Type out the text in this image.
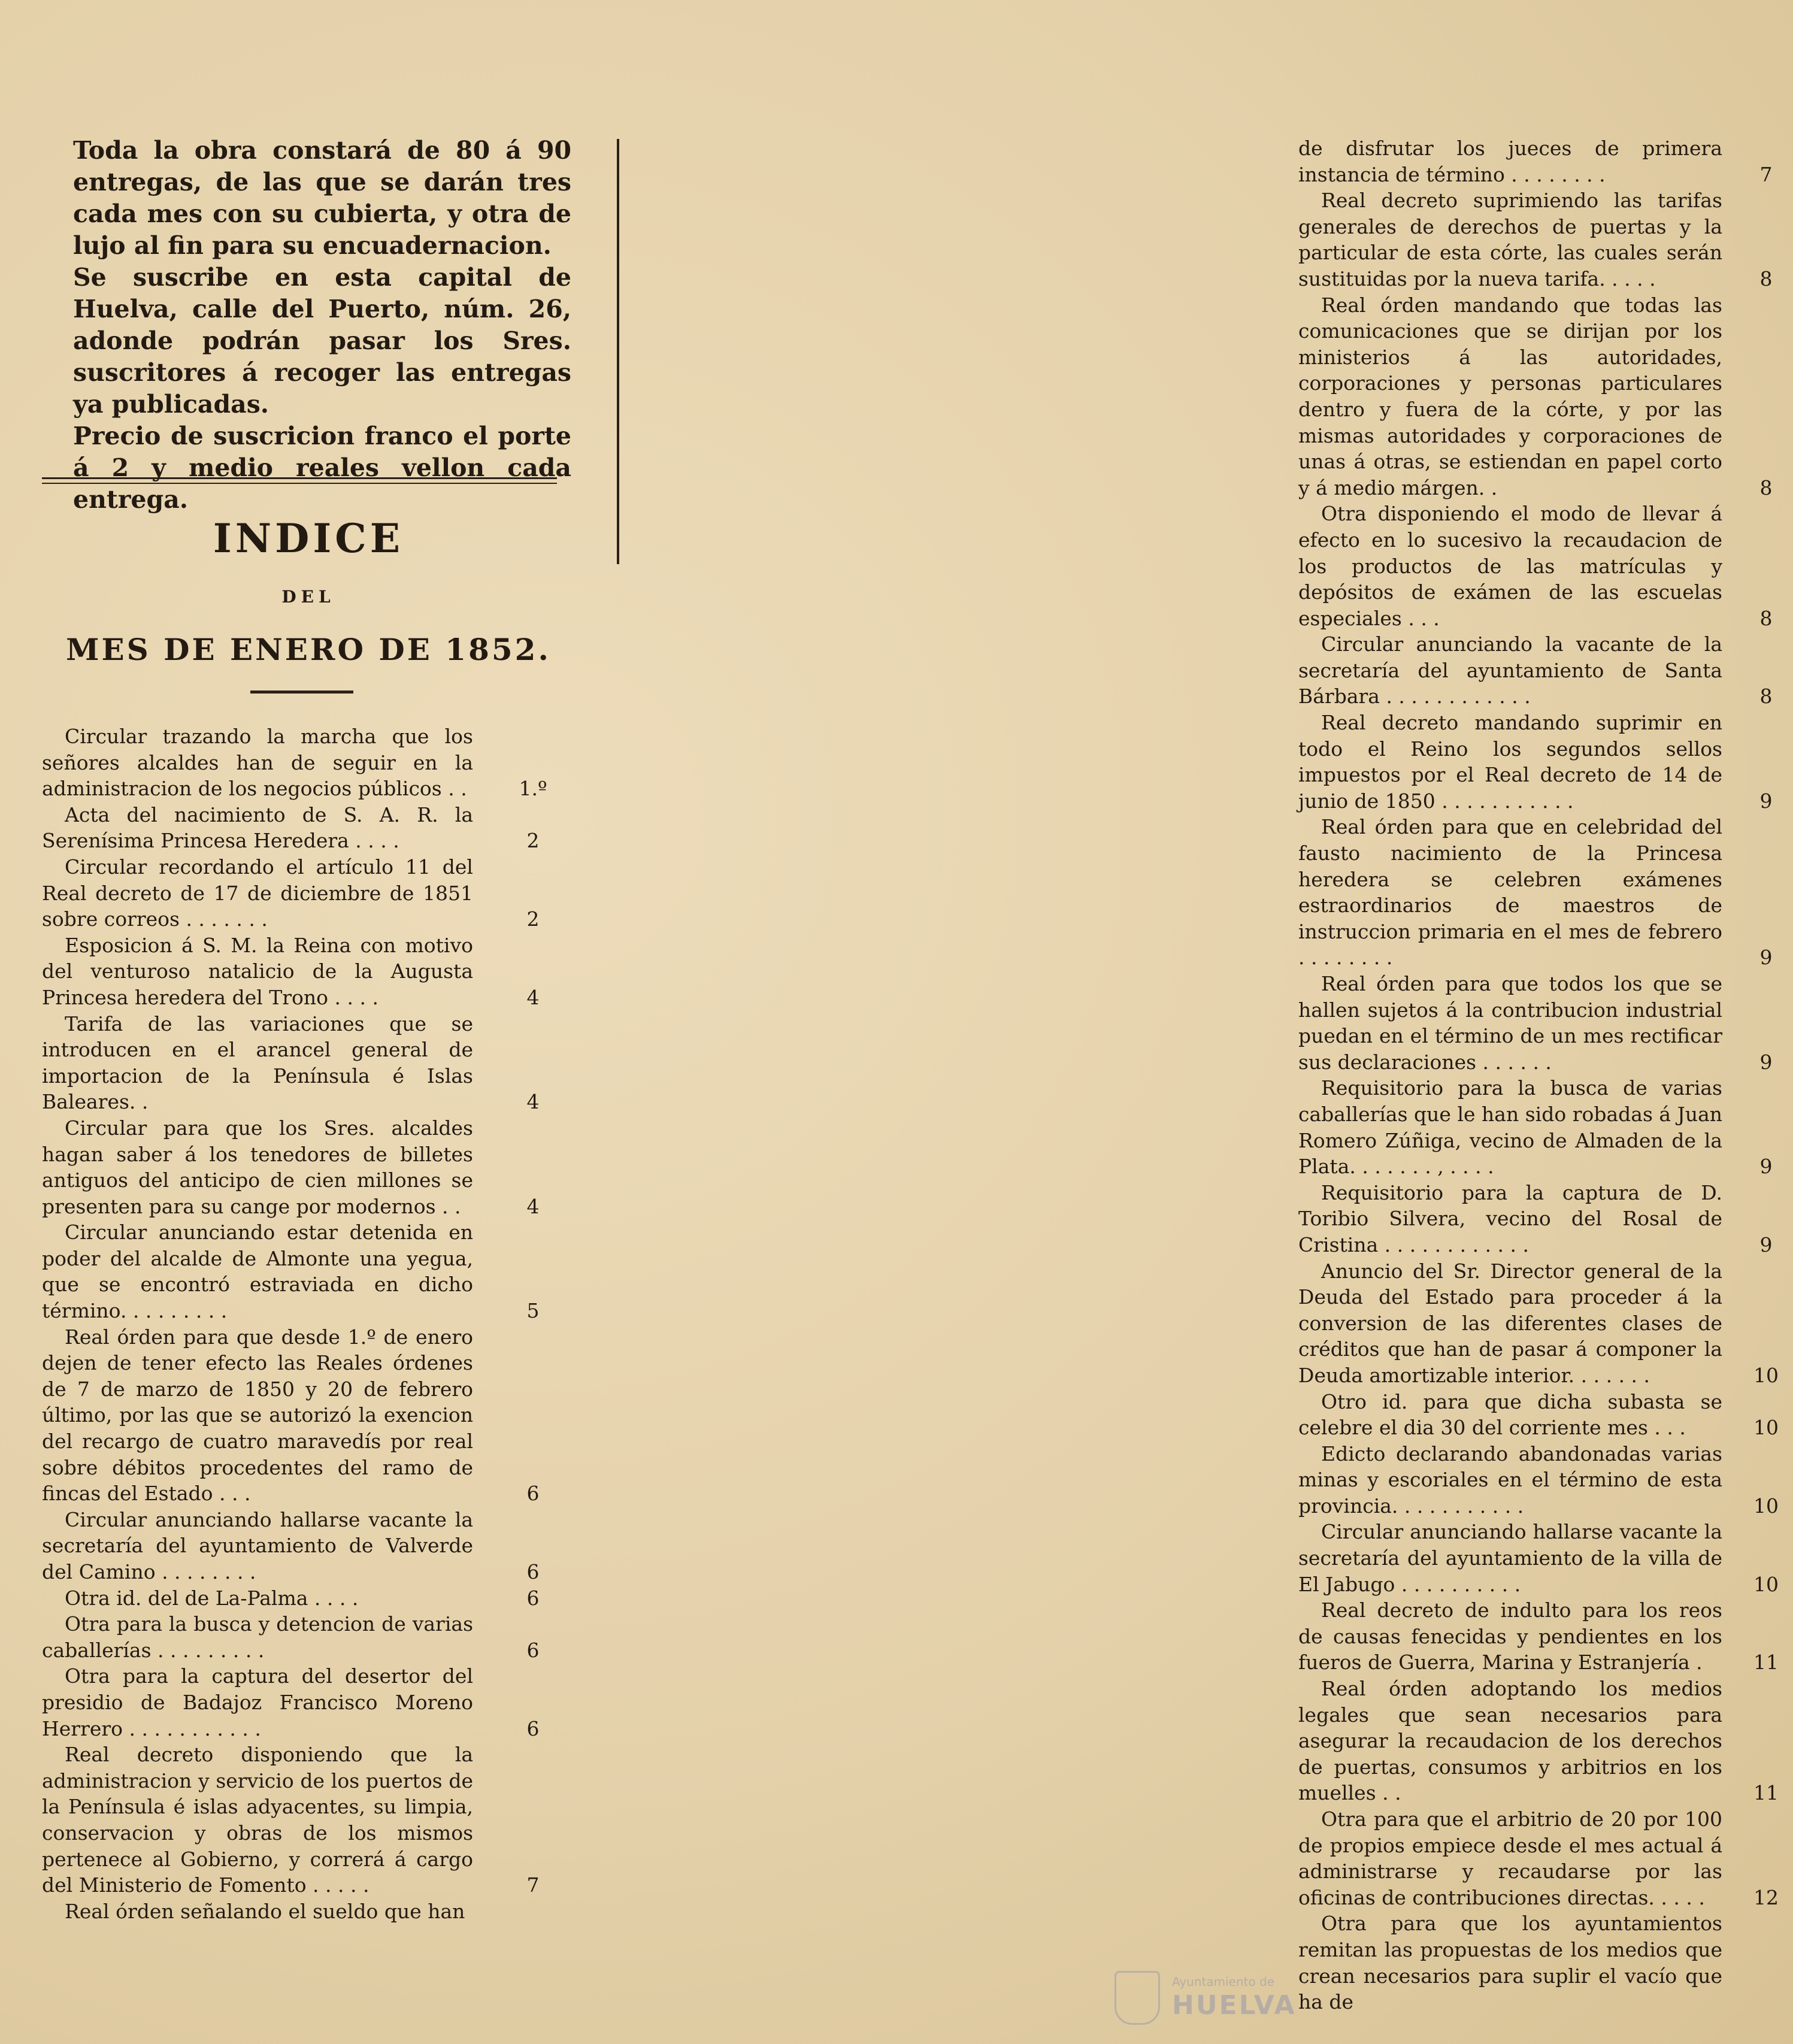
Toda la obra constará de 80 á 90 entregas, de las que se darán tres cada mes con su cubierta, y otra de lujo al fin para su encuadernacion.

Se suscribe en esta capital de Huelva, calle del Puerto, núm. 26, adonde podrán pasar los Sres. suscritores á recoger las entregas ya publicadas.

Precio de suscricion franco el porte á 2 y medio reales vellon cada entrega.

INDICE
DEL
MES DE ENERO DE 1852.
Circular trazando la marcha que los señores alcaldes han de seguir en la administracion de los negocios públicos . .	1.º
Acta del nacimiento de S. A. R. la Serenísima Princesa Heredera . . . .	2
Circular recordando el artículo 11 del Real decreto de 17 de diciembre de 1851 sobre correos . . . . . . .	2
Esposicion á S. M. la Reina con motivo del venturoso natalicio de la Augusta Princesa heredera del Trono . . . .	4
Tarifa de las variaciones que se introducen en el arancel general de importacion de la Península é Islas Baleares. .	4
Circular para que los Sres. alcaldes hagan saber á los tenedores de billetes antiguos del anticipo de cien millones se presenten para su cange por modernos . .	4
Circular anunciando estar detenida en poder del alcalde de Almonte una yegua, que se encontró estraviada en dicho término. . . . . . . . .	5
Real órden para que desde 1.º de enero dejen de tener efecto las Reales órdenes de 7 de marzo de 1850 y 20 de febrero último, por las que se autorizó la exencion del recargo de cuatro maravedís por real sobre débitos procedentes del ramo de fincas del Estado . . .	6
Circular anunciando hallarse vacante la secretaría del ayuntamiento de Valverde del Camino . . . . . . . .	6
Otra id. del de La-Palma . . . .	6
Otra para la busca y detencion de varias caballerías . . . . . . . . .	6
Otra para la captura del desertor del presidio de Badajoz Francisco Moreno Herrero . . . . . . . . . . .	6
Real decreto disponiendo que la administracion y servicio de los puertos de la Península é islas adyacentes, su limpia, conservacion y obras de los mismos pertenece al Gobierno, y correrá á cargo del Ministerio de Fomento . . . . .	7
Real órden señalando el sueldo que han
de disfrutar los jueces de primera instancia de término . . . . . . . .	7
Real decreto suprimiendo las tarifas generales de derechos de puertas y la particular de esta córte, las cuales serán sustituidas por la nueva tarifa. . . . .	8
Real órden mandando que todas las comunicaciones que se dirijan por los ministerios á las autoridades, corporaciones y personas particulares dentro y fuera de la córte, y por las mismas autoridades y corporaciones de unas á otras, se estiendan en papel corto y á medio márgen. .	8
Otra disponiendo el modo de llevar á efecto en lo sucesivo la recaudacion de los productos de las matrículas y depósitos de exámen de las escuelas especiales . . .	8
Circular anunciando la vacante de la secretaría del ayuntamiento de Santa Bárbara . . . . . . . . . . . .	8
Real decreto mandando suprimir en todo el Reino los segundos sellos impuestos por el Real decreto de 14 de junio de 1850 . . . . . . . . . . .	9
Real órden para que en celebridad del fausto nacimiento de la Princesa heredera se celebren exámenes estraordinarios de maestros de instruccion primaria en el mes de febrero . . . . . . . .	9
Real órden para que todos los que se hallen sujetos á la contribucion industrial puedan en el término de un mes rectificar sus declaraciones . . . . . .	9
Requisitorio para la busca de varias caballerías que le han sido robadas á Juan Romero Zúñiga, vecino de Almaden de la Plata. . . . . . . , . . . .	9
Requisitorio para la captura de D. Toribio Silvera, vecino del Rosal de Cristina . . . . . . . . . . . .	9
Anuncio del Sr. Director general de la Deuda del Estado para proceder á la conversion de las diferentes clases de créditos que han de pasar á componer la Deuda amortizable interior. . . . . . .	10
Otro id. para que dicha subasta se celebre el dia 30 del corriente mes . . .	10
Edicto declarando abandonadas varias minas y escoriales en el término de esta provincia. . . . . . . . . . .	10
Circular anunciando hallarse vacante la secretaría del ayuntamiento de la villa de El Jabugo . . . . . . . . . .	10
Real decreto de indulto para los reos de causas fenecidas y pendientes en los fueros de Guerra, Marina y Estranjería .	11
Real órden adoptando los medios legales que sean necesarios para asegurar la recaudacion de los derechos de puertas, consumos y arbitrios en los muelles . .	11
Otra para que el arbitrio de 20 por 100 de propios empiece desde el mes actual á administrarse y recaudarse por las oficinas de contribuciones directas. . . . .	12
Otra para que los ayuntamientos remitan las propuestas de los medios que crean necesarios para suplir el vacío que ha de
Ayuntamiento de
HUELVA
